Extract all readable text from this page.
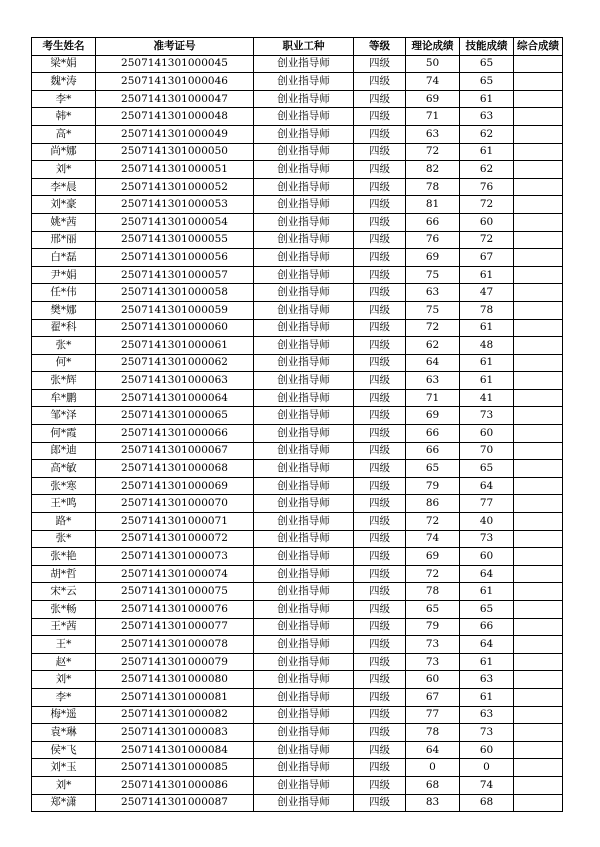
考生姓名	准考证号	职业工种	等级	理论成绩	技能成绩	综合成绩
梁*娟	2507141301000045	创业指导师	四级	50	65	
魏*涛	2507141301000046	创业指导师	四级	74	65	
李*	2507141301000047	创业指导师	四级	69	61	
韩*	2507141301000048	创业指导师	四级	71	63	
高*	2507141301000049	创业指导师	四级	63	62	
尚*娜	2507141301000050	创业指导师	四级	72	61	
刘*	2507141301000051	创业指导师	四级	82	62	
李*晨	2507141301000052	创业指导师	四级	78	76	
刘*豪	2507141301000053	创业指导师	四级	81	72	
姚*茜	2507141301000054	创业指导师	四级	66	60	
邢*丽	2507141301000055	创业指导师	四级	76	72	
白*磊	2507141301000056	创业指导师	四级	69	67	
尹*娟	2507141301000057	创业指导师	四级	75	61	
任*伟	2507141301000058	创业指导师	四级	63	47	
樊*娜	2507141301000059	创业指导师	四级	75	78	
翟*科	2507141301000060	创业指导师	四级	72	61	
张*	2507141301000061	创业指导师	四级	62	48	
何*	2507141301000062	创业指导师	四级	64	61	
张*辉	2507141301000063	创业指导师	四级	63	61	
牟*鹏	2507141301000064	创业指导师	四级	71	41	
邹*泽	2507141301000065	创业指导师	四级	69	73	
何*霞	2507141301000066	创业指导师	四级	66	60	
郎*迪	2507141301000067	创业指导师	四级	66	70	
高*敏	2507141301000068	创业指导师	四级	65	65	
张*寒	2507141301000069	创业指导师	四级	79	64	
王*鸣	2507141301000070	创业指导师	四级	86	77	
路*	2507141301000071	创业指导师	四级	72	40	
张*	2507141301000072	创业指导师	四级	74	73	
张*艳	2507141301000073	创业指导师	四级	69	60	
胡*哲	2507141301000074	创业指导师	四级	72	64	
宋*云	2507141301000075	创业指导师	四级	78	61	
张*畅	2507141301000076	创业指导师	四级	65	65	
王*茜	2507141301000077	创业指导师	四级	79	66	
王*	2507141301000078	创业指导师	四级	73	64	
赵*	2507141301000079	创业指导师	四级	73	61	
刘*	2507141301000080	创业指导师	四级	60	63	
李*	2507141301000081	创业指导师	四级	67	61	
梅*遥	2507141301000082	创业指导师	四级	77	63	
袁*琳	2507141301000083	创业指导师	四级	78	73	
侯*飞	2507141301000084	创业指导师	四级	64	60	
刘*玉	2507141301000085	创业指导师	四级	0	0	
刘*	2507141301000086	创业指导师	四级	68	74	
郑*潇	2507141301000087	创业指导师	四级	83	68	
